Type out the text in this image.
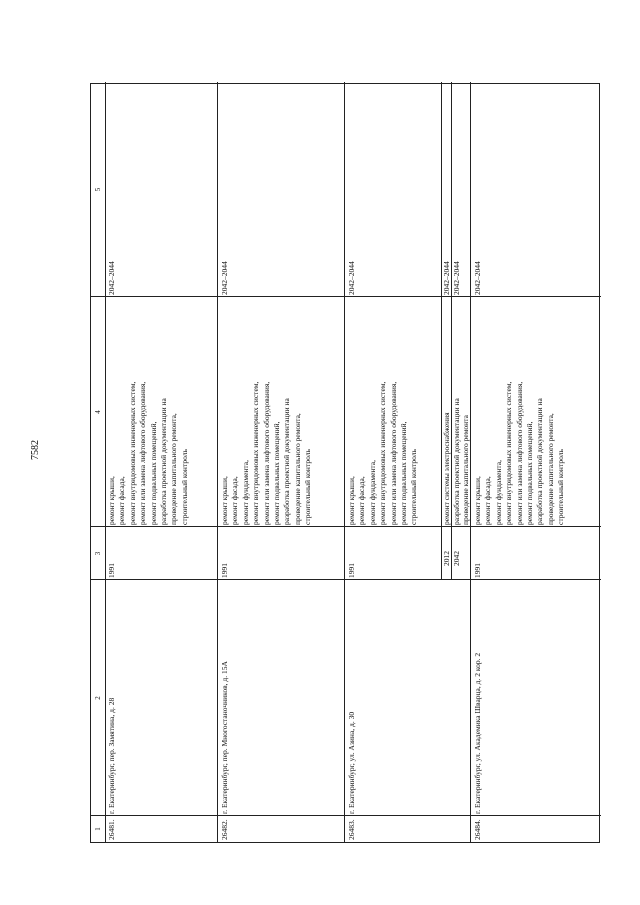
7582
1
2
3
4
5
26481.
г. Екатеринбург, пер. Замятина, д. 28
1991
ремонт крыши, ремонт фасада, ремонт внутридомовых инженерных систем, ремонт или замена лифтового оборудования, ремонт подвальных помещений, разработка проектной документации на проведение капитального ремонта, строительный контроль
2042–2044
26482.
г. Екатеринбург, пер. Многостаночников, д. 15А
1991
ремонт крыши, ремонт фасада, ремонт фундамента, ремонт внутридомовых инженерных систем, ремонт или замена лифтового оборудования, ремонт подвальных помещений, разработка проектной документации на проведение капитального ремонта, строительный контроль
2042–2044
26483.
г. Екатеринбург, ул. Азина, д. 30
1991
ремонт крыши, ремонт фасада, ремонт фундамента, ремонт внутридомовых инженерных систем, ремонт или замена лифтового оборудования, ремонт подвальных помещений, строительный контроль
2042–2044
2012
ремонт системы электроснабжения
2042–2044
2042
разработка проектной документации на проведение капитального ремонта
2042–2044
26484.
г. Екатеринбург, ул. Академика Шварца, д. 2 кор. 2
1991
ремонт крыши, ремонт фасада, ремонт фундамента, ремонт внутридомовых инженерных систем, ремонт или замена лифтового оборудования, ремонт подвальных помещений, разработка проектной документации на проведение капитального ремонта, строительный контроль
2042–2044
